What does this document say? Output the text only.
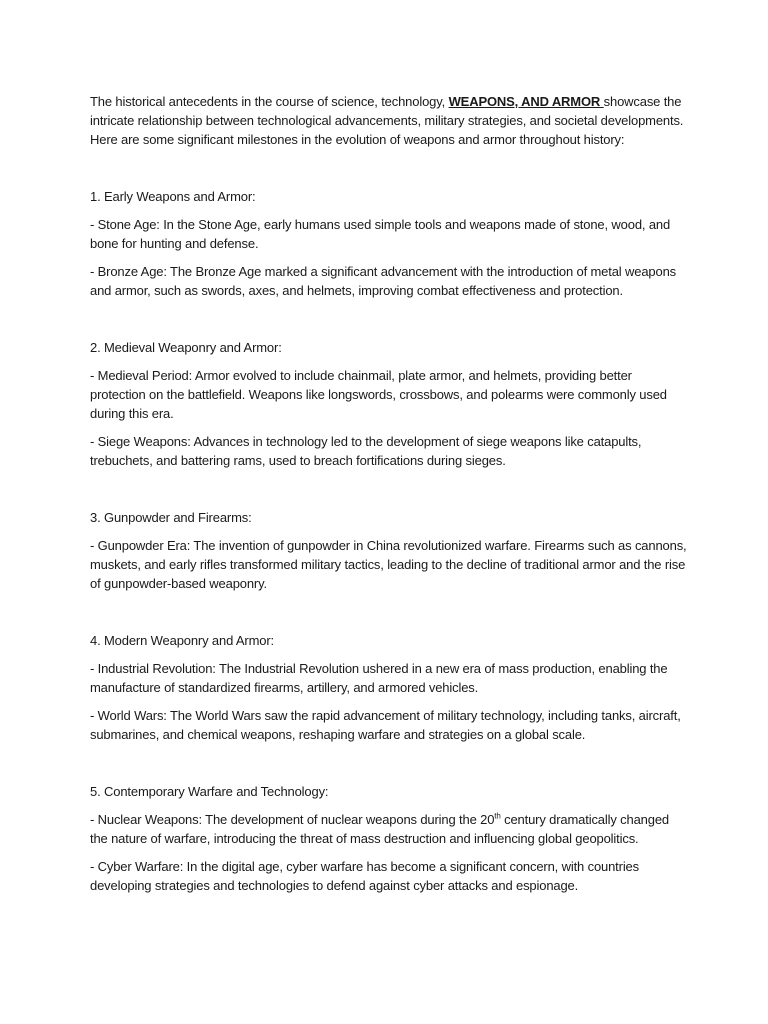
The historical antecedents in the course of science, technology, WEAPONS, AND ARMOR showcase the intricate relationship between technological advancements, military strategies, and societal developments. Here are some significant milestones in the evolution of weapons and armor throughout history:

1. Early Weapons and Armor:

- Stone Age: In the Stone Age, early humans used simple tools and weapons made of stone, wood, and bone for hunting and defense.

- Bronze Age: The Bronze Age marked a significant advancement with the introduction of metal weapons and armor, such as swords, axes, and helmets, improving combat effectiveness and protection.

2. Medieval Weaponry and Armor:

- Medieval Period: Armor evolved to include chainmail, plate armor, and helmets, providing better protection on the battlefield. Weapons like longswords, crossbows, and polearms were commonly used during this era.

- Siege Weapons: Advances in technology led to the development of siege weapons like catapults, trebuchets, and battering rams, used to breach fortifications during sieges.

3. Gunpowder and Firearms:

- Gunpowder Era: The invention of gunpowder in China revolutionized warfare. Firearms such as cannons, muskets, and early rifles transformed military tactics, leading to the decline of traditional armor and the rise of gunpowder-based weaponry.

4. Modern Weaponry and Armor:

- Industrial Revolution: The Industrial Revolution ushered in a new era of mass production, enabling the manufacture of standardized firearms, artillery, and armored vehicles.

- World Wars: The World Wars saw the rapid advancement of military technology, including tanks, aircraft, submarines, and chemical weapons, reshaping warfare and strategies on a global scale.

5. Contemporary Warfare and Technology:

- Nuclear Weapons: The development of nuclear weapons during the 20th century dramatically changed the nature of warfare, introducing the threat of mass destruction and influencing global geopolitics.

- Cyber Warfare: In the digital age, cyber warfare has become a significant concern, with countries developing strategies and technologies to defend against cyber attacks and espionage.
